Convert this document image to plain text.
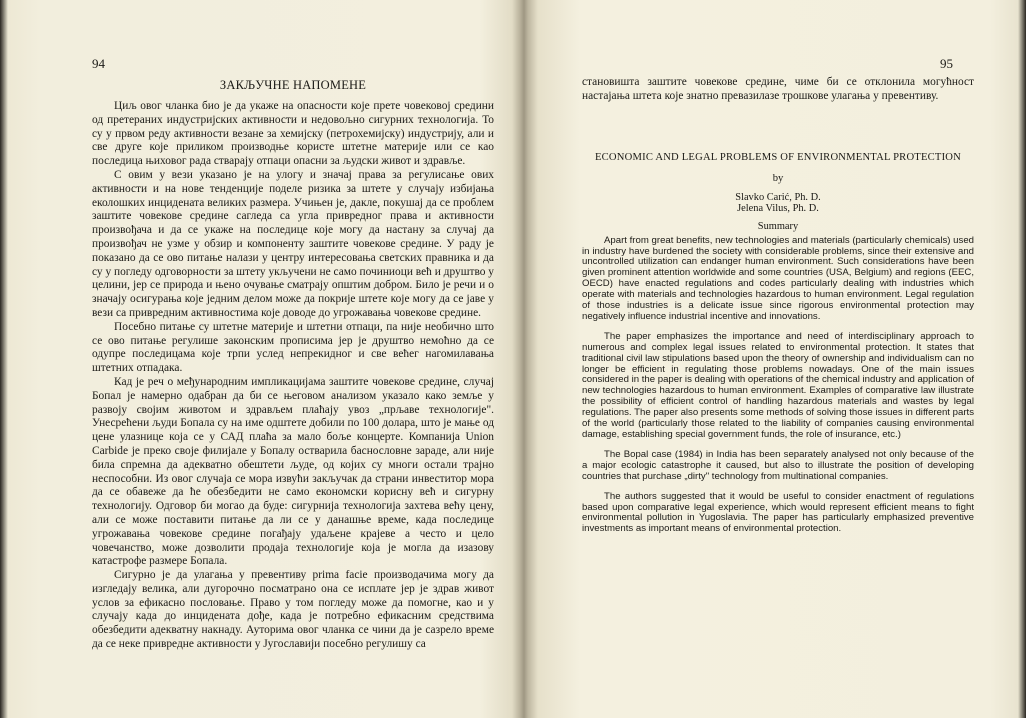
94
ЗАКЉУЧНЕ НАПОМЕНЕ

Циљ овог чланка био је да укаже на опасности које прете човековој средини од претераних индустријских активности и недовољно сигурних технологија. То су у првом реду активности везане за хемијску (петрохемијску) индустрију, али и све друге које приликом производње користе штетне материје или се као последица њиховог рада стварају отпаци опасни за људски живот и здравље.

С овим у вези указано је на улогу и значај права за регулисање ових активности и на нове тенденције поделе ризика за штете у случају избијања еколошких инцидената великих размера. Учињен је, дакле, покушај да се проблем заштите човекове средине сагледа са угла привредног права и активности произвођача и да се укаже на последице које могу да настану за случај да произвођач не узме у обзир и компоненту заштите човекове средине. У раду је показано да се ово питање налази у центру интересовања светских правника и да су у погледу одговорности за штету укључени не само починиоци већ и друштво у целини, јер се природа и њено очување сматрају општим добром. Било је речи и о значају осигурања које једним делом може да покрије штете које могу да се јаве у вези са привредним активностима које доводе до угрожавања човекове средине.

Посебно питање су штетне материје и штетни отпаци, па није необично што се ово питање регулише законским прописима јер је друштво немоћно да се одупре последицама које трпи услед непрекидног и све већег нагомилавања штетних отпадака.

Кад је реч о међународним импликацијама заштите човекове средине, случај Бопал је намерно одабран да би се његовом анализом указало како земље у развоју својим животом и здрављем плаћају увоз „прљаве технологије". Унесрећени људи Бопала су на име одштете добили по 100 долара, што је мање од цене улазнице која се у САД плаћа за мало боље концерте. Компанија Union Carbide је преко своје филијале у Бопалу остварила баснословне зараде, али није била спремна да адекватно обештети људе, од којих су многи остали трајно неспособни. Из овог случаја се мора извући закључак да страни инвеститор мора да се обавеже да ће обезбедити не само економски корисну већ и сигурну технологију. Одговор би могао да буде: сигурнија технологија захтева већу цену, али се може поставити питање да ли се у данашње време, када последице угрожавања човекове средине погађају удаљене крајеве а често и цело човечанство, може дозволити продаја технологије која је могла да изазову катастрофе размере Бопала.

Сигурно је да улагања у превентиву prima facie производачима могу да изгледају велика, али дугорочно посматрано она се исплате јер је здрав живот услов за ефикасно пословање. Право у том погледу може да помогне, као и у случају када до инцидената дође, када је потребно ефикасним средствима обезбедити адекватну накнаду. Ауторима овог чланка се чини да је сазрело време да се неке привредне активности у Југославији посебно регулишу са

95

становишта заштите човекове средине, чиме би се отклонила могућност настајања штета које знатно превазилазе трошкове улагања у превентиву.

ECONOMIC AND LEGAL PROBLEMS OF ENVIRONMENTAL PROTECTION
by
Slavko Carić, Ph. D.
Jelena Vilus, Ph. D.
Summary

Apart from great benefits, new technologies and materials (particularly chemicals) used in industry have burdened the society with considerable problems, since their extensive and uncontrolled utilization can endanger human environment. Such considerations have been given prominent attention worldwide and some countries (USA, Belgium) and regions (EEC, OECD) have enacted regulations and codes particularly dealing with industries which operate with materials and technologies hazardous to human environment. Legal regulation of those industries is a delicate issue since rigorous environmental protection may negatively influence industrial incentive and innovations.

The paper emphasizes the importance and need of interdisciplinary approach to numerous and complex legal issues related to environmental protection. It states that traditional civil law stipulations based upon the theory of ownership and individualism can no longer be efficient in regulating those problems nowadays. One of the main issues considered in the paper is dealing with operations of the chemical industry and application of new technologies hazardous to human environment. Examples of comparative law illustrate the possibility of efficient control of handling hazardous materials and wastes by legal regulations. The paper also presents some methods of solving those issues in different parts of the world (particularly those related to the liability of companies causing environmental damage, establishing special government funds, the role of insurance, etc.)

The Bopal case (1984) in India has been separately analysed not only because of the a major ecologic catastrophe it caused, but also to illustrate the position of developing countries that purchase „dirty" technology from multinational companies.

The authors suggested that it would be useful to consider enactment of regulations based upon comparative legal experience, which would represent efficient means to fight environmental pollution in Yugoslavia. The paper has particularly emphasized preventive investments as important means of environmental protection.
